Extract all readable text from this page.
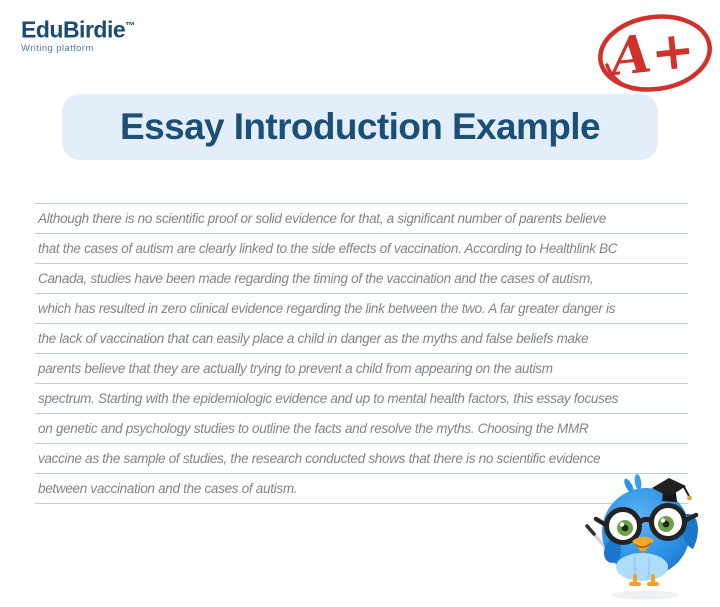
EduBirdie™
Writing platform	A+
Essay Introduction Example
Although there is no scientific proof or solid evidence for that, a significant number of parents believe
that the cases of autism are clearly linked to the side effects of vaccination. According to Healthlink BC
Canada, studies have been made regarding the timing of the vaccination and the cases of autism,
which has resulted in zero clinical evidence regarding the link between the two. A far greater danger is
the lack of vaccination that can easily place a child in danger as the myths and false beliefs make
parents believe that they are actually trying to prevent a child from appearing on the autism
spectrum. Starting with the epidemiologic evidence and up to mental health factors, this essay focuses
on genetic and psychology studies to outline the facts and resolve the myths. Choosing the MMR
vaccine as the sample of studies, the research conducted shows that there is no scientific evidence
between vaccination and the cases of autism.
